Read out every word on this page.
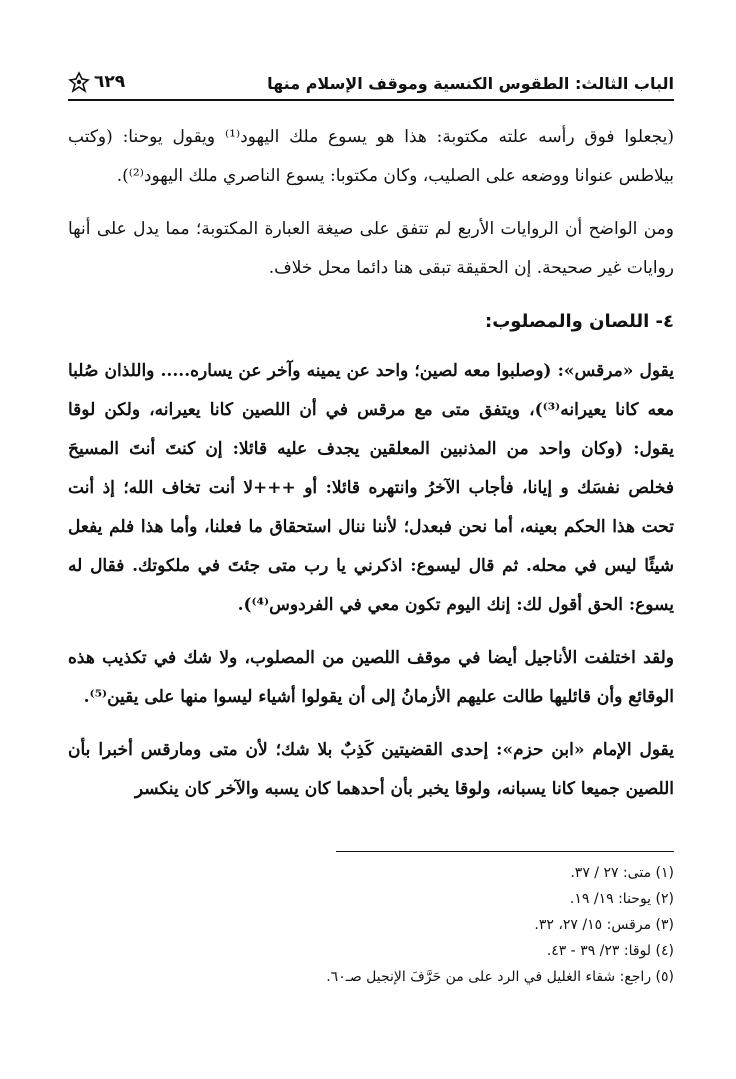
الباب الثالث: الطقوس الكنسية وموقف الإسلام منها
٦٢٩

(يجعلوا فوق رأسه علته مكتوبة: هذا هو يسوع ملك اليهود⁽¹⁾ ويقول يوحنا: (وكتب بيلاطس عنوانا ووضعه على الصليب، وكان مكتوبا: يسوع الناصري ملك اليهود⁽²⁾).

ومن الواضح أن الروايات الأربع لم تتفق على صيغة العبارة المكتوبة؛ مما يدل على أنها روايات غير صحيحة. إن الحقيقة تبقى هنا دائما محل خلاف.

٤- اللصان والمصلوب:

يقول «مرقس»: (وصلبوا معه لصين؛ واحد عن يمينه وآخر عن يساره..... واللذان صُلبا معه كانا يعيرانه⁽³⁾)، ويتفق متى مع مرقس في أن اللصين كانا يعيرانه، ولكن لوقا يقول: (وكان واحد من المذنبين المعلقين يجدف عليه قائلا: إن كنتَ أنتَ المسيحَ فخلص نفسَك و إيانا، فأجاب الآخرُ وانتهره قائلا: أو +++لا أنت تخاف الله؛ إذ أنت تحت هذا الحكم بعينه، أما نحن فبعدل؛ لأننا ننال استحقاق ما فعلنا، وأما هذا فلم يفعل شيئًا ليس في محله. ثم قال ليسوع: اذكرني يا رب متى جئتَ في ملكوتك. فقال له يسوع: الحق أقول لك: إنك اليوم تكون معي في الفردوس⁽⁴⁾).

ولقد اختلفت الأناجيل أيضا في موقف اللصين من المصلوب، ولا شك في تكذيب هذه الوقائع وأن قائليها طالت عليهم الأزمانُ إلى أن يقولوا أشياء ليسوا منها على يقين⁽⁵⁾.

يقول الإمام «ابن حزم»: إحدى القضيتين كَذِبٌ بلا شك؛ لأن متى ومارقس أخبرا بأن اللصين جميعا كانا يسبانه، ولوقا يخبر بأن أحدهما كان يسبه والآخر كان ينكسر

(١) متى: ٢٧ / ٣٧.
(٢) يوحنا: ١٩/ ١٩.
(٣) مرقس: ١٥/ ٢٧، ٣٢.
(٤) لوقا: ٢٣/ ٣٩ - ٤٣.
(٥) راجع: شفاء الغليل في الرد على من حَرَّفَ الإنجيل صـ٦٠.
